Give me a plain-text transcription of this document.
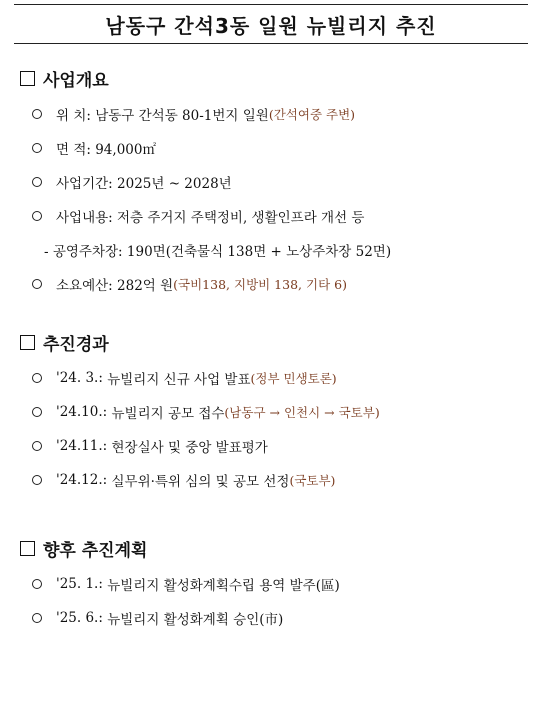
남동구 간석3동 일원 뉴빌리지 추진
사업개요
위 치:
남동구 간석동 80-1번지 일원 (간석여중 주변)
면 적:
94,000㎡
사업기간:
2025년 ~ 2028년
사업내용:
저층 주거지 주택정비, 생활인프라 개선 등
- 공영주차장: 190면(건축물식 138면 + 노상주차장 52면)
소요예산:
282억 원 (국비138, 지방비 138, 기타 6)
추진경과
'24. 3.:
뉴빌리지 신규 사업 발표 (정부 민생토론)
'24.10.:
뉴빌리지 공모 접수 (남동구 → 인천시 → 국토부)
'24.11.:
현장실사 및 중앙 발표평가
'24.12.:
실무위·특위 심의 및 공모 선정 (국토부)
향후 추진계획
'25. 1.:
뉴빌리지 활성화계획수립 용역 발주 (區)
'25. 6.:
뉴빌리지 활성화계획 승인 (市)
